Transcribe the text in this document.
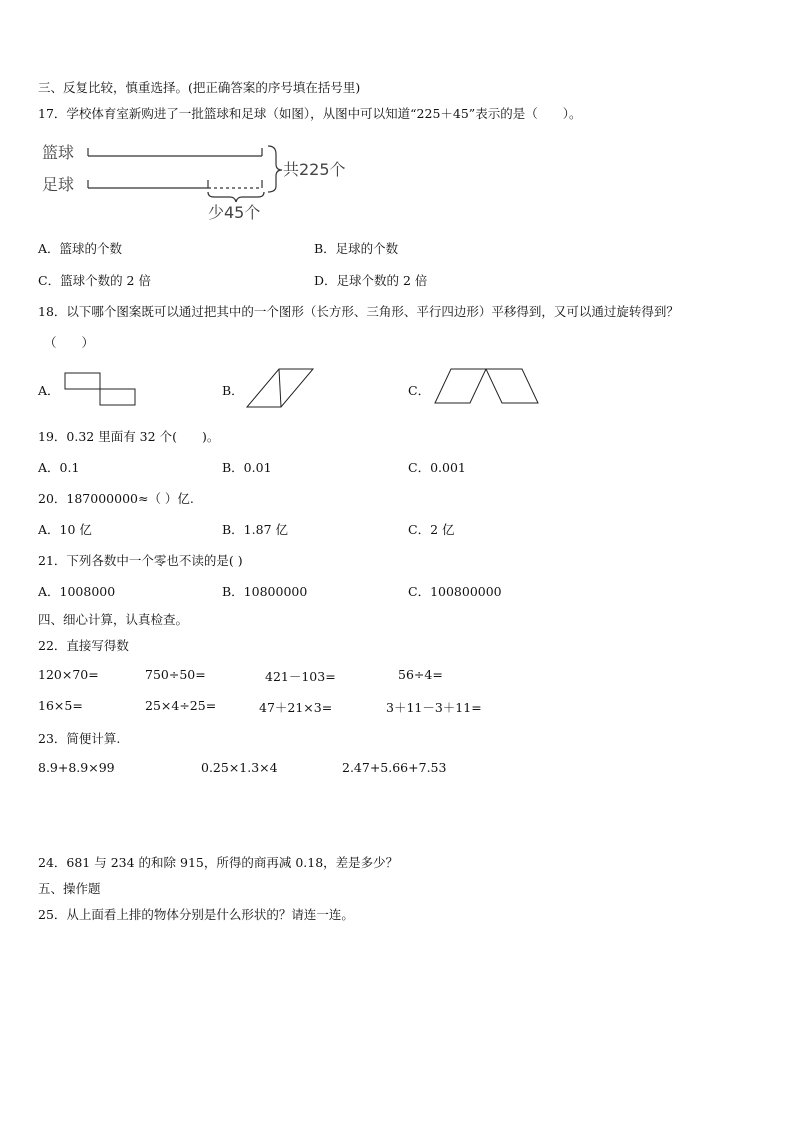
三、反复比较，慎重选择。(把正确答案的序号填在括号里)
17．学校体育室新购进了一批篮球和足球（如图），从图中可以知道“225＋45”表示的是（　　）。
篮球
足球
共225个
少45个
A．篮球的个数	B．足球的个数
C．篮球个数的 2 倍	D．足球个数的 2 倍
18．以下哪个图案既可以通过把其中的一个图形（长方形、三角形、平行四边形）平移得到，又可以通过旋转得到？
（　　）
A．	B．	C．
19．0.32 里面有 32 个(　　)。
A．0.1	B．0.01	C．0.001
20．187000000≈（ ）亿.
A．10 亿	B．1.87 亿	C．2 亿
21．下列各数中一个零也不读的是( )
A．1008000	B．10800000	C．100800000
四、细心计算，认真检查。
22．直接写得数
120×70=	750÷50=	421－103=	56÷4=
16×5=	25×4÷25=	47＋21×3=	3＋11－3＋11=
23．简便计算.
8.9+8.9×99	0.25×1.3×4	2.47+5.66+7.53
24．681 与 234 的和除 915，所得的商再减 0.18，差是多少？
五、操作题
25．从上面看上排的物体分别是什么形状的？请连一连。
